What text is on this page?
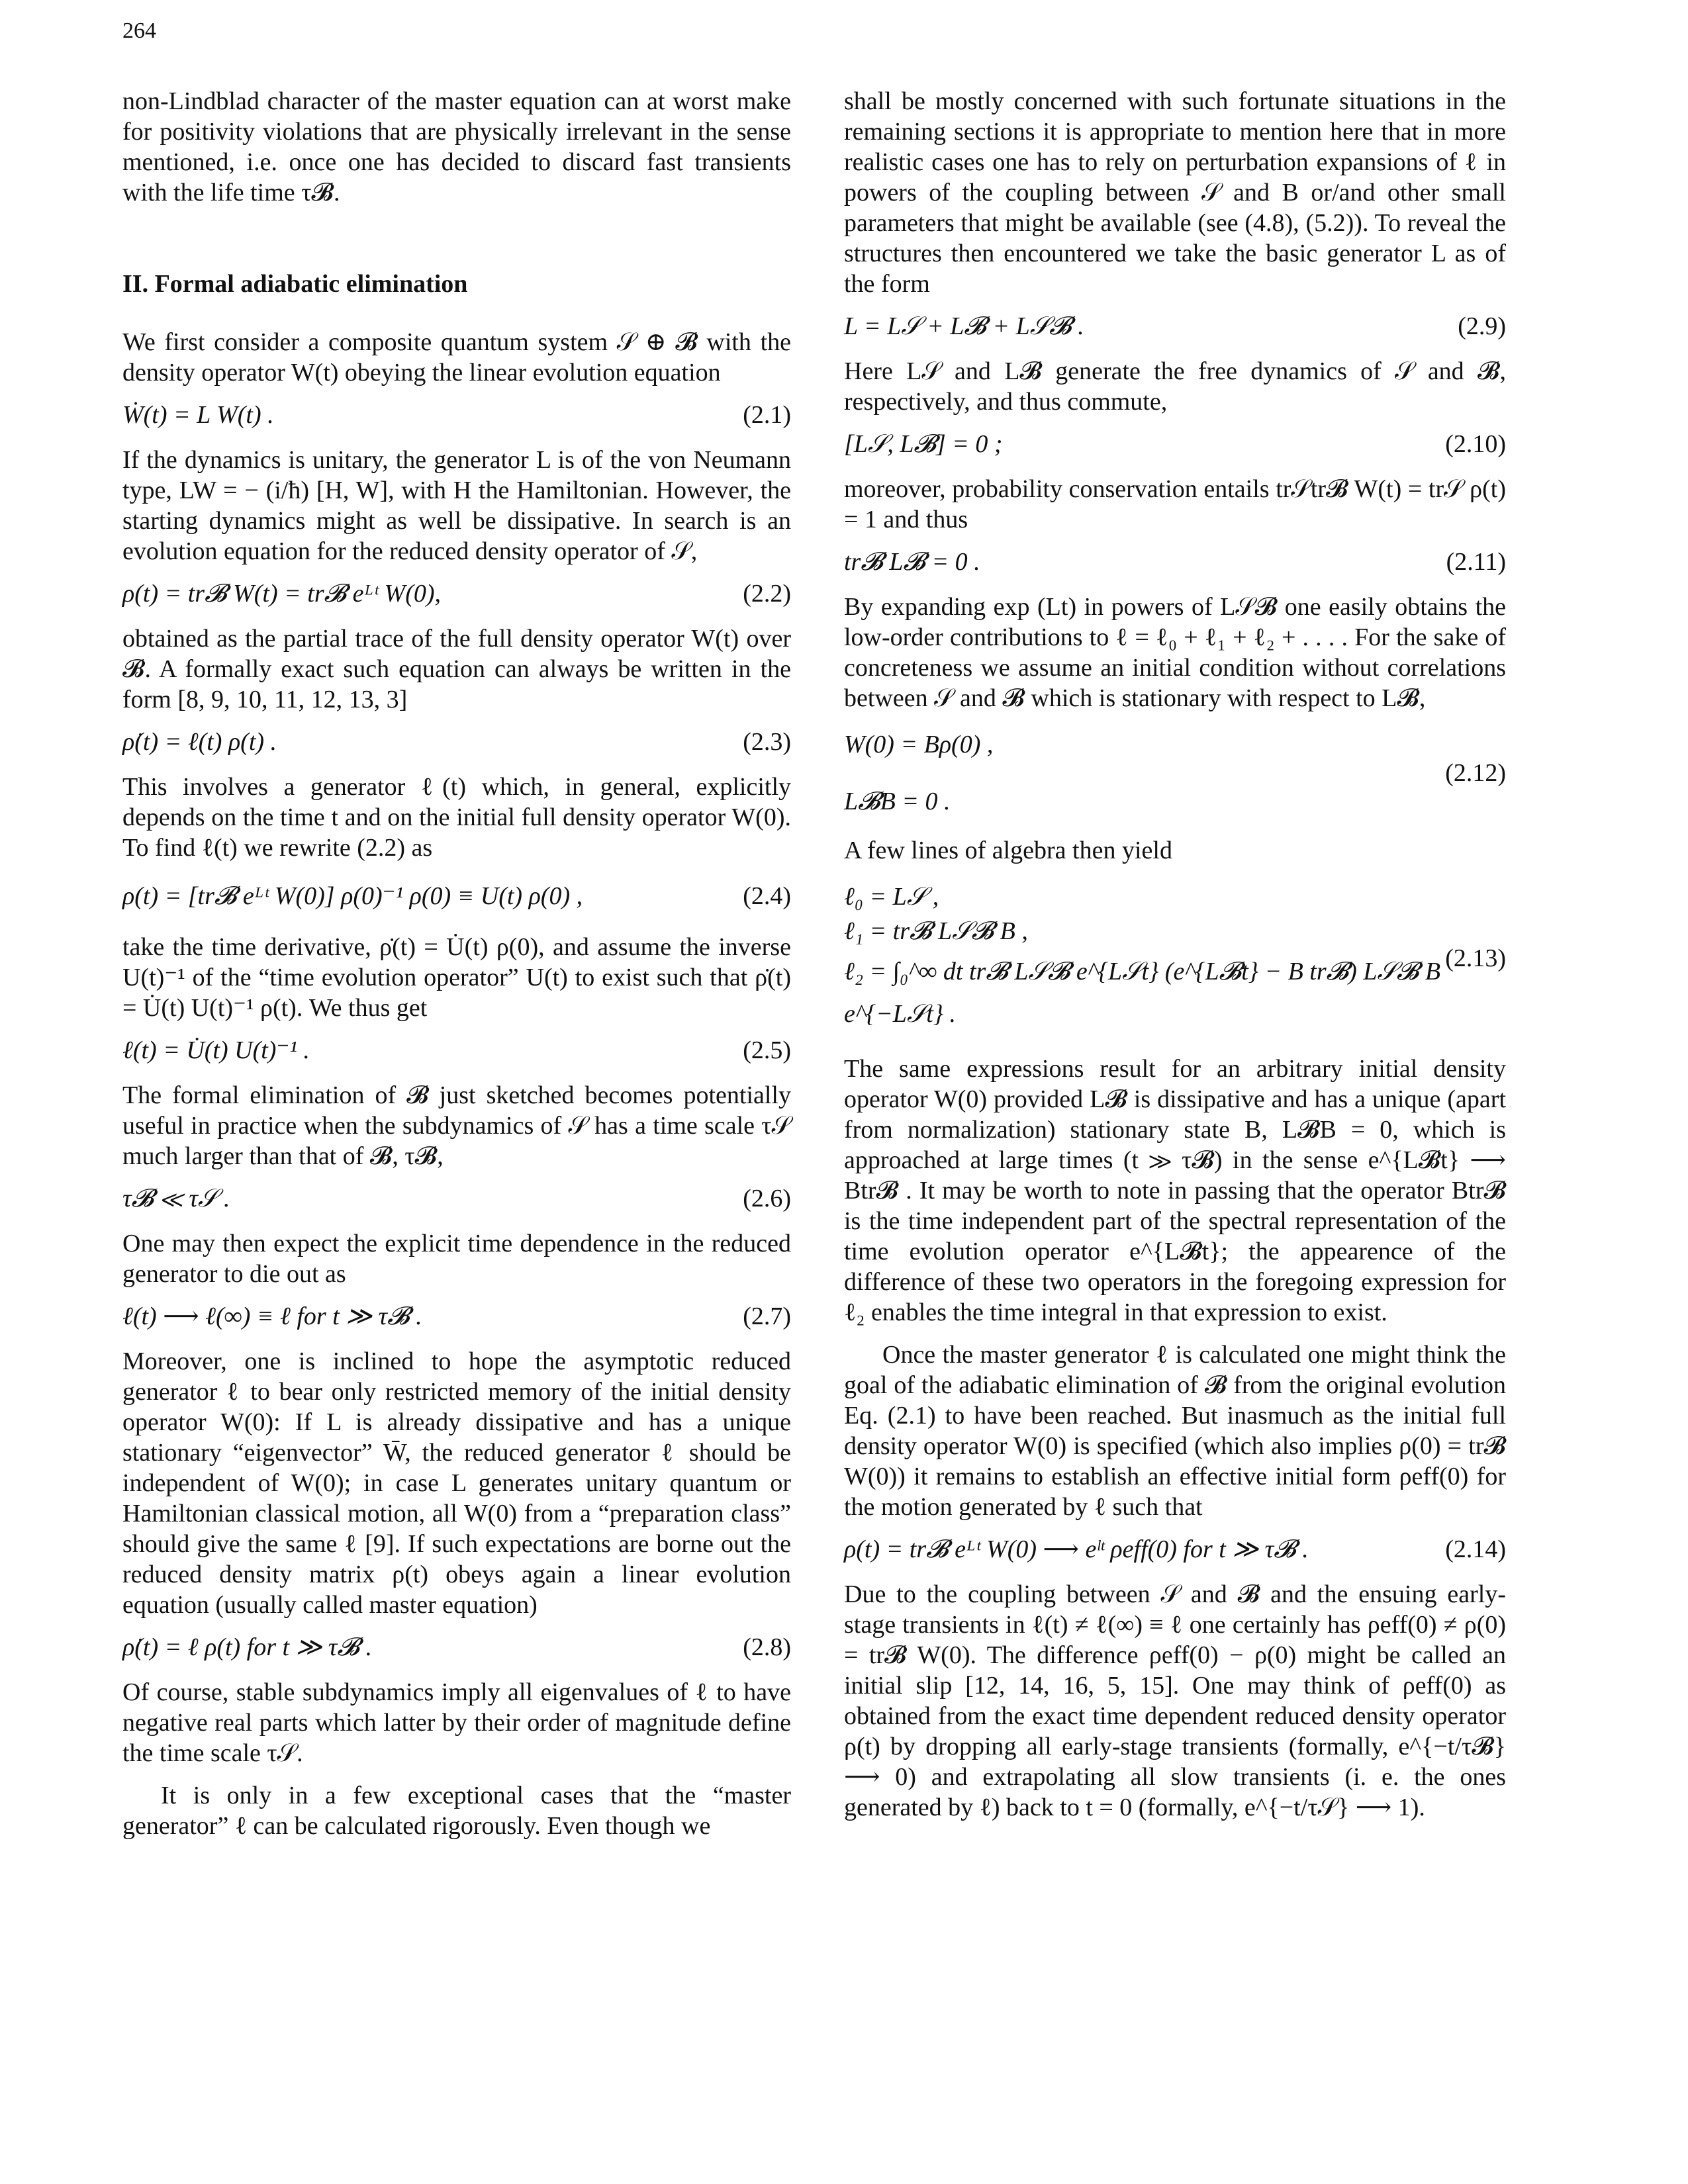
264

non-Lindblad character of the master equation can at worst make for positivity violations that are physically irrelevant in the sense mentioned, i.e. once one has decided to discard fast transients with the life time τ𝓑.

II. Formal adiabatic elimination

We first consider a composite quantum system 𝒮 ⊕ 𝓑 with the density operator W(t) obeying the linear evolution equation

Ẇ(t) = L W(t) .	(2.1)

If the dynamics is unitary, the generator L is of the von Neumann type, LW = − (i/ħ) [H, W], with H the Hamiltonian. However, the starting dynamics might as well be dissipative. In search is an evolution equation for the reduced density operator of 𝒮,

ρ(t) = tr𝓑 W(t) = tr𝓑 eᴸᵗ W(0),	(2.2)

obtained as the partial trace of the full density operator W(t) over 𝓑. A formally exact such equation can always be written in the form [8, 9, 10, 11, 12, 13, 3]

ρ̇(t) = ℓ(t) ρ(t) .	(2.3)

This involves a generator ℓ(t) which, in general, explicitly depends on the time t and on the initial full density operator W(0). To find ℓ(t) we rewrite (2.2) as

ρ(t) = [tr𝓑 eᴸᵗ W(0)] ρ(0)⁻¹ ρ(0) ≡ U(t) ρ(0) ,	(2.4)

take the time derivative, ρ̇(t) = U̇(t) ρ(0), and assume the inverse U(t)⁻¹ of the “time evolution operator” U(t) to exist such that ρ̇(t) = U̇(t) U(t)⁻¹ ρ(t). We thus get

ℓ(t) = U̇(t) U(t)⁻¹ .	(2.5)

The formal elimination of 𝓑 just sketched becomes potentially useful in practice when the subdynamics of 𝒮 has a time scale τ𝒮 much larger than that of 𝓑, τ𝓑,

τ𝓑 ≪ τ𝒮 .	(2.6)

One may then expect the explicit time dependence in the reduced generator to die out as

ℓ(t) ⟶ ℓ(∞) ≡ ℓ for t ≫ τ𝓑 .	(2.7)

Moreover, one is inclined to hope the asymptotic reduced generator ℓ to bear only restricted memory of the initial density operator W(0): If L is already dissipative and has a unique stationary “eigenvector” W̄, the reduced generator ℓ should be independent of W(0); in case L generates unitary quantum or Hamiltonian classical motion, all W(0) from a “preparation class” should give the same ℓ [9]. If such expectations are borne out the reduced density matrix ρ(t) obeys again a linear evolution equation (usually called master equation)

ρ̇(t) = ℓ ρ(t) for t ≫ τ𝓑 .	(2.8)

Of course, stable subdynamics imply all eigenvalues of ℓ to have negative real parts which latter by their order of magnitude define the time scale τ𝒮.

It is only in a few exceptional cases that the “master generator” ℓ can be calculated rigorously. Even though we

shall be mostly concerned with such fortunate situations in the remaining sections it is appropriate to mention here that in more realistic cases one has to rely on perturbation expansions of ℓ in powers of the coupling between 𝒮 and B or/and other small parameters that might be available (see (4.8), (5.2)). To reveal the structures then encountered we take the basic generator L as of the form

L = L𝒮 + L𝓑 + L𝒮𝓑 .	(2.9)

Here L𝒮 and L𝓑 generate the free dynamics of 𝒮 and 𝓑, respectively, and thus commute,

[L𝒮, L𝓑] = 0 ;	(2.10)

moreover, probability conservation entails tr𝒮tr𝓑 W(t) = tr𝒮 ρ(t) = 1 and thus

tr𝓑 L𝓑 = 0 .	(2.11)

By expanding exp (Lt) in powers of L𝒮𝓑 one easily obtains the low-order contributions to ℓ = ℓ₀ + ℓ₁ + ℓ₂ + . . . . For the sake of concreteness we assume an initial condition without correlations between 𝒮 and 𝓑 which is stationary with respect to L𝓑,

W(0) = Bρ(0) ,
L𝓑B = 0 .
(2.12)

A few lines of algebra then yield

ℓ₀ = L𝒮 ,
ℓ₁ = tr𝓑 L𝒮𝓑 B ,
ℓ₂ = ∫₀^∞ dt tr𝓑 L𝒮𝓑 e^{L𝒮t} (e^{L𝓑t} − B tr𝓑) L𝒮𝓑 B e^{−L𝒮t} .
(2.13)

The same expressions result for an arbitrary initial density operator W(0) provided L𝓑 is dissipative and has a unique (apart from normalization) stationary state B, L𝓑B = 0, which is approached at large times (t ≫ τ𝓑) in the sense e^{L𝓑t} ⟶ Btr𝓑 . It may be worth to note in passing that the operator Btr𝓑 is the time independent part of the spectral representation of the time evolution operator e^{L𝓑t}; the appearence of the difference of these two operators in the foregoing expression for ℓ₂ enables the time integral in that expression to exist.

Once the master generator ℓ is calculated one might think the goal of the adiabatic elimination of 𝓑 from the original evolution Eq. (2.1) to have been reached. But inasmuch as the initial full density operator W(0) is specified (which also implies ρ(0) = tr𝓑 W(0)) it remains to establish an effective initial form ρeff(0) for the motion generated by ℓ such that

ρ(t) = tr𝓑 eᴸᵗ W(0) ⟶ eˡᵗ ρeff(0) for t ≫ τ𝓑 .	(2.14)

Due to the coupling between 𝒮 and 𝓑 and the ensuing early-stage transients in ℓ(t) ≠ ℓ(∞) ≡ ℓ one certainly has ρeff(0) ≠ ρ(0) = tr𝓑 W(0). The difference ρeff(0) − ρ(0) might be called an initial slip [12, 14, 16, 5, 15]. One may think of ρeff(0) as obtained from the exact time dependent reduced density operator ρ(t) by dropping all early-stage transients (formally, e^{−t/τ𝓑} ⟶ 0) and extrapolating all slow transients (i. e. the ones generated by ℓ) back to t = 0 (formally, e^{−t/τ𝒮} ⟶ 1).
